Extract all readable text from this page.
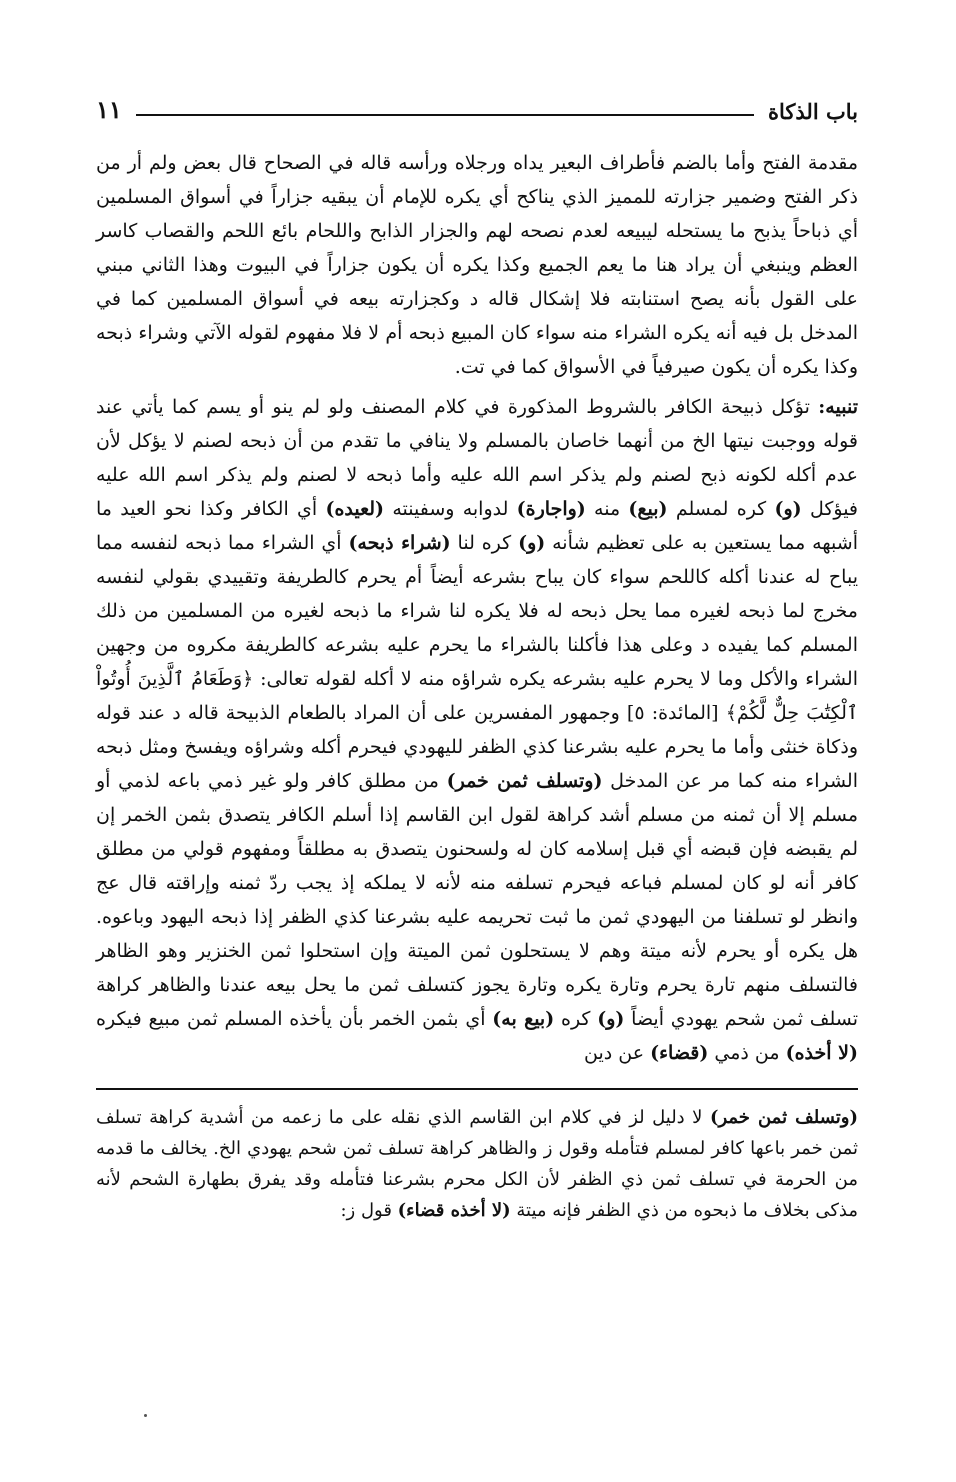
باب الذكاة
١١

مقدمة الفتح وأما بالضم فأطراف البعير يداه ورجلاه ورأسه قاله في الصحاح قال بعض ولم أر من ذكر الفتح وضمير جزارته للمميز الذي يناكح أي يكره للإمام أن يبقيه جزاراً في أسواق المسلمين أي ذباحاً يذبح ما يستحله ليبيعه لعدم نصحه لهم والجزار الذابح واللحام بائع اللحم والقصاب كاسر العظم وينبغي أن يراد هنا ما يعم الجميع وكذا يكره أن يكون جزاراً في البيوت وهذا الثاني مبني على القول بأنه يصح استنابته فلا إشكال قاله د وكجزارته بيعه في أسواق المسلمين كما في المدخل بل فيه أنه يكره الشراء منه سواء كان المبيع ذبحه أم لا فلا مفهوم لقوله الآتي وشراء ذبحه وكذا يكره أن يكون صيرفياً في الأسواق كما في تت.

تنبيه: تؤكل ذبيحة الكافر بالشروط المذكورة في كلام المصنف ولو لم ينو أو يسم كما يأتي عند قوله ووجبت نيتها الخ من أنهما خاصان بالمسلم ولا ينافي ما تقدم من أن ذبحه لصنم لا يؤكل لأن عدم أكله لكونه ذبح لصنم ولم يذكر اسم الله عليه وأما ذبحه لا لصنم ولم يذكر اسم الله عليه فيؤكل (و) كره لمسلم (بيع) منه (واجارة) لدوابه وسفينته (لعيده) أي الكافر وكذا نحو العيد ما أشبهه مما يستعين به على تعظيم شأنه (و) كره لنا (شراء ذبحه) أي الشراء مما ذبحه لنفسه مما يباح له عندنا أكله كاللحم سواء كان يباح بشرعه أيضاً أم يحرم كالطريفة وتقييدي بقولي لنفسه مخرج لما ذبحه لغيره مما يحل ذبحه له فلا يكره لنا شراء ما ذبحه لغيره من المسلمين من ذلك المسلم كما يفيده د وعلى هذا فأكلنا بالشراء ما يحرم عليه بشرعه كالطريفة مكروه من وجهين الشراء والأكل وما لا يحرم عليه بشرعه يكره شراؤه منه لا أكله لقوله تعالى: ﴿وَطَعَامُ ٱلَّذِينَ أُوتُواْ ٱلْكِتَٰبَ حِلٌّ لَّكُمْ﴾ [المائدة: ٥] وجمهور المفسرين على أن المراد بالطعام الذبيحة قاله د عند قوله وذكاة خنثى وأما ما يحرم عليه بشرعنا كذي الظفر لليهودي فيحرم أكله وشراؤه ويفسخ ومثل ذبحه الشراء منه كما مر عن المدخل (وتسلف ثمن خمر) من مطلق كافر ولو غير ذمي باعه لذمي أو مسلم إلا أن ثمنه من مسلم أشد كراهة لقول ابن القاسم إذا أسلم الكافر يتصدق بثمن الخمر إن لم يقبضه فإن قبضه أي قبل إسلامه كان له ولسحنون يتصدق به مطلقاً ومفهوم قولي من مطلق كافر أنه لو كان لمسلم فباعه فيحرم تسلفه منه لأنه لا يملكه إذ يجب ردّ ثمنه وإراقته قال عج وانظر لو تسلفنا من اليهودي ثمن ما ثبت تحريمه عليه بشرعنا كذي الظفر إذا ذبحه اليهود وباعوه. هل يكره أو يحرم لأنه ميتة وهم لا يستحلون ثمن الميتة وإن استحلوا ثمن الخنزير وهو الظاهر فالتسلف منهم تارة يحرم وتارة يكره وتارة يجوز كتسلف ثمن ما يحل بيعه عندنا والظاهر كراهة تسلف ثمن شحم يهودي أيضاً (و) كره (بيع به) أي بثمن الخمر بأن يأخذه المسلم ثمن مبيع فيكره (لا أخذه) من ذمي (قضاء) عن دين

(وتسلف ثمن خمر) لا دليل لز في كلام ابن القاسم الذي نقله على ما زعمه من أشدية كراهة تسلف ثمن خمر باعها كافر لمسلم فتأمله وقول ز والظاهر كراهة تسلف ثمن شحم يهودي الخ. يخالف ما قدمه من الحرمة في تسلف ثمن ذي الظفر لأن الكل محرم بشرعنا فتأمله وقد يفرق بطهارة الشحم لأنه مذكى بخلاف ما ذبحوه من ذي الظفر فإنه ميتة (لا أخذه قضاء) قول ز:
